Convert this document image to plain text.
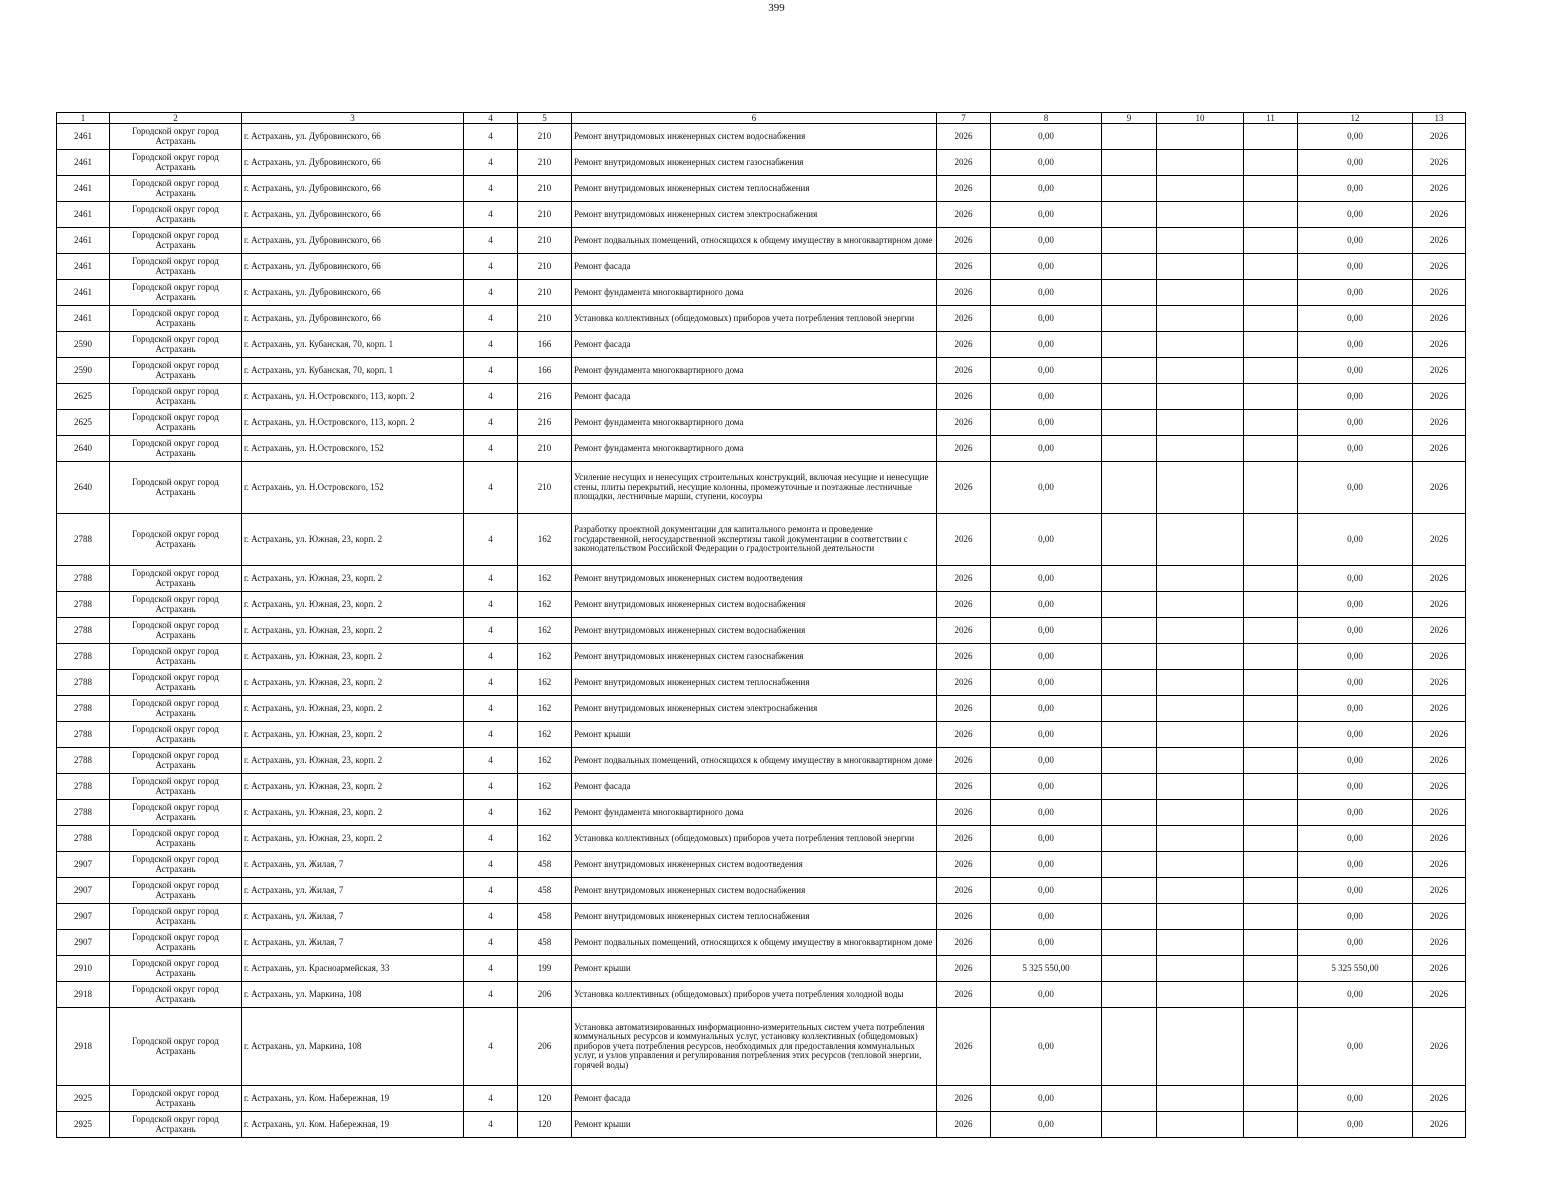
399
1	2	3	4	5	6	7	8	9	10	11	12	13
2461	Городской округ город Астрахань	г. Астрахань, ул. Дубровинского, 66	4	210	Ремонт внутридомовых инженерных систем водоснабжения	2026	0,00				0,00	2026
2461	Городской округ город Астрахань	г. Астрахань, ул. Дубровинского, 66	4	210	Ремонт внутридомовых инженерных систем газоснабжения	2026	0,00				0,00	2026
2461	Городской округ город Астрахань	г. Астрахань, ул. Дубровинского, 66	4	210	Ремонт внутридомовых инженерных систем теплоснабжения	2026	0,00				0,00	2026
2461	Городской округ город Астрахань	г. Астрахань, ул. Дубровинского, 66	4	210	Ремонт внутридомовых инженерных систем электроснабжения	2026	0,00				0,00	2026
2461	Городской округ город Астрахань	г. Астрахань, ул. Дубровинского, 66	4	210	Ремонт подвальных помещений, относящихся к общему имуществу в многоквартирном доме	2026	0,00				0,00	2026
2461	Городской округ город Астрахань	г. Астрахань, ул. Дубровинского, 66	4	210	Ремонт фасада	2026	0,00				0,00	2026
2461	Городской округ город Астрахань	г. Астрахань, ул. Дубровинского, 66	4	210	Ремонт фундамента многоквартирного дома	2026	0,00				0,00	2026
2461	Городской округ город Астрахань	г. Астрахань, ул. Дубровинского, 66	4	210	Установка коллективных (общедомовых) приборов учета потребления тепловой энергии	2026	0,00				0,00	2026
2590	Городской округ город Астрахань	г. Астрахань, ул. Кубанская, 70, корп. 1	4	166	Ремонт фасада	2026	0,00				0,00	2026
2590	Городской округ город Астрахань	г. Астрахань, ул. Кубанская, 70, корп. 1	4	166	Ремонт фундамента многоквартирного дома	2026	0,00				0,00	2026
2625	Городской округ город Астрахань	г. Астрахань, ул. Н.Островского, 113, корп. 2	4	216	Ремонт фасада	2026	0,00				0,00	2026
2625	Городской округ город Астрахань	г. Астрахань, ул. Н.Островского, 113, корп. 2	4	216	Ремонт фундамента многоквартирного дома	2026	0,00				0,00	2026
2640	Городской округ город Астрахань	г. Астрахань, ул. Н.Островского, 152	4	210	Ремонт фундамента многоквартирного дома	2026	0,00				0,00	2026
2640	Городской округ город Астрахань	г. Астрахань, ул. Н.Островского, 152	4	210	Усиление несущих и ненесущих строительных конструкций, включая несущие и ненесущие стены, плиты перекрытий, несущие колонны, промежуточные и поэтажные лестничные площадки, лестничные марши, ступени, косоуры	2026	0,00				0,00	2026
2788	Городской округ город Астрахань	г. Астрахань, ул. Южная, 23, корп. 2	4	162	Разработку проектной документации для капитального ремонта и проведение государственной, негосударственной экспертизы такой документации в соответствии с законодательством Российской Федерации о градостроительной деятельности	2026	0,00				0,00	2026
2788	Городской округ город Астрахань	г. Астрахань, ул. Южная, 23, корп. 2	4	162	Ремонт внутридомовых инженерных систем водоотведения	2026	0,00				0,00	2026
2788	Городской округ город Астрахань	г. Астрахань, ул. Южная, 23, корп. 2	4	162	Ремонт внутридомовых инженерных систем водоснабжения	2026	0,00				0,00	2026
2788	Городской округ город Астрахань	г. Астрахань, ул. Южная, 23, корп. 2	4	162	Ремонт внутридомовых инженерных систем водоснабжения	2026	0,00				0,00	2026
2788	Городской округ город Астрахань	г. Астрахань, ул. Южная, 23, корп. 2	4	162	Ремонт внутридомовых инженерных систем газоснабжения	2026	0,00				0,00	2026
2788	Городской округ город Астрахань	г. Астрахань, ул. Южная, 23, корп. 2	4	162	Ремонт внутридомовых инженерных систем теплоснабжения	2026	0,00				0,00	2026
2788	Городской округ город Астрахань	г. Астрахань, ул. Южная, 23, корп. 2	4	162	Ремонт внутридомовых инженерных систем электроснабжения	2026	0,00				0,00	2026
2788	Городской округ город Астрахань	г. Астрахань, ул. Южная, 23, корп. 2	4	162	Ремонт крыши	2026	0,00				0,00	2026
2788	Городской округ город Астрахань	г. Астрахань, ул. Южная, 23, корп. 2	4	162	Ремонт подвальных помещений, относящихся к общему имуществу в многоквартирном доме	2026	0,00				0,00	2026
2788	Городской округ город Астрахань	г. Астрахань, ул. Южная, 23, корп. 2	4	162	Ремонт фасада	2026	0,00				0,00	2026
2788	Городской округ город Астрахань	г. Астрахань, ул. Южная, 23, корп. 2	4	162	Ремонт фундамента многоквартирного дома	2026	0,00				0,00	2026
2788	Городской округ город Астрахань	г. Астрахань, ул. Южная, 23, корп. 2	4	162	Установка коллективных (общедомовых) приборов учета потребления тепловой энергии	2026	0,00				0,00	2026
2907	Городской округ город Астрахань	г. Астрахань, ул. Жилая, 7	4	458	Ремонт внутридомовых инженерных систем водоотведения	2026	0,00				0,00	2026
2907	Городской округ город Астрахань	г. Астрахань, ул. Жилая, 7	4	458	Ремонт внутридомовых инженерных систем водоснабжения	2026	0,00				0,00	2026
2907	Городской округ город Астрахань	г. Астрахань, ул. Жилая, 7	4	458	Ремонт внутридомовых инженерных систем теплоснабжения	2026	0,00				0,00	2026
2907	Городской округ город Астрахань	г. Астрахань, ул. Жилая, 7	4	458	Ремонт подвальных помещений, относящихся к общему имуществу в многоквартирном доме	2026	0,00				0,00	2026
2910	Городской округ город Астрахань	г. Астрахань, ул. Красноармейская, 33	4	199	Ремонт крыши	2026	5 325 550,00				5 325 550,00	2026
2918	Городской округ город Астрахань	г. Астрахань, ул. Маркина, 108	4	206	Установка коллективных (общедомовых) приборов учета потребления холодной воды	2026	0,00				0,00	2026
2918	Городской округ город Астрахань	г. Астрахань, ул. Маркина, 108	4	206	Установка автоматизированных информационно-измерительных систем учета потребления коммунальных ресурсов и коммунальных услуг, установку коллективных (общедомовых) приборов учета потребления ресурсов, необходимых для предоставления коммунальных услуг, и узлов управления и регулирования потребления этих ресурсов (тепловой энергии, горячей воды)	2026	0,00				0,00	2026
2925	Городской округ город Астрахань	г. Астрахань, ул. Ком. Набережная, 19	4	120	Ремонт фасада	2026	0,00				0,00	2026
2925	Городской округ город Астрахань	г. Астрахань, ул. Ком. Набережная, 19	4	120	Ремонт крыши	2026	0,00				0,00	2026
